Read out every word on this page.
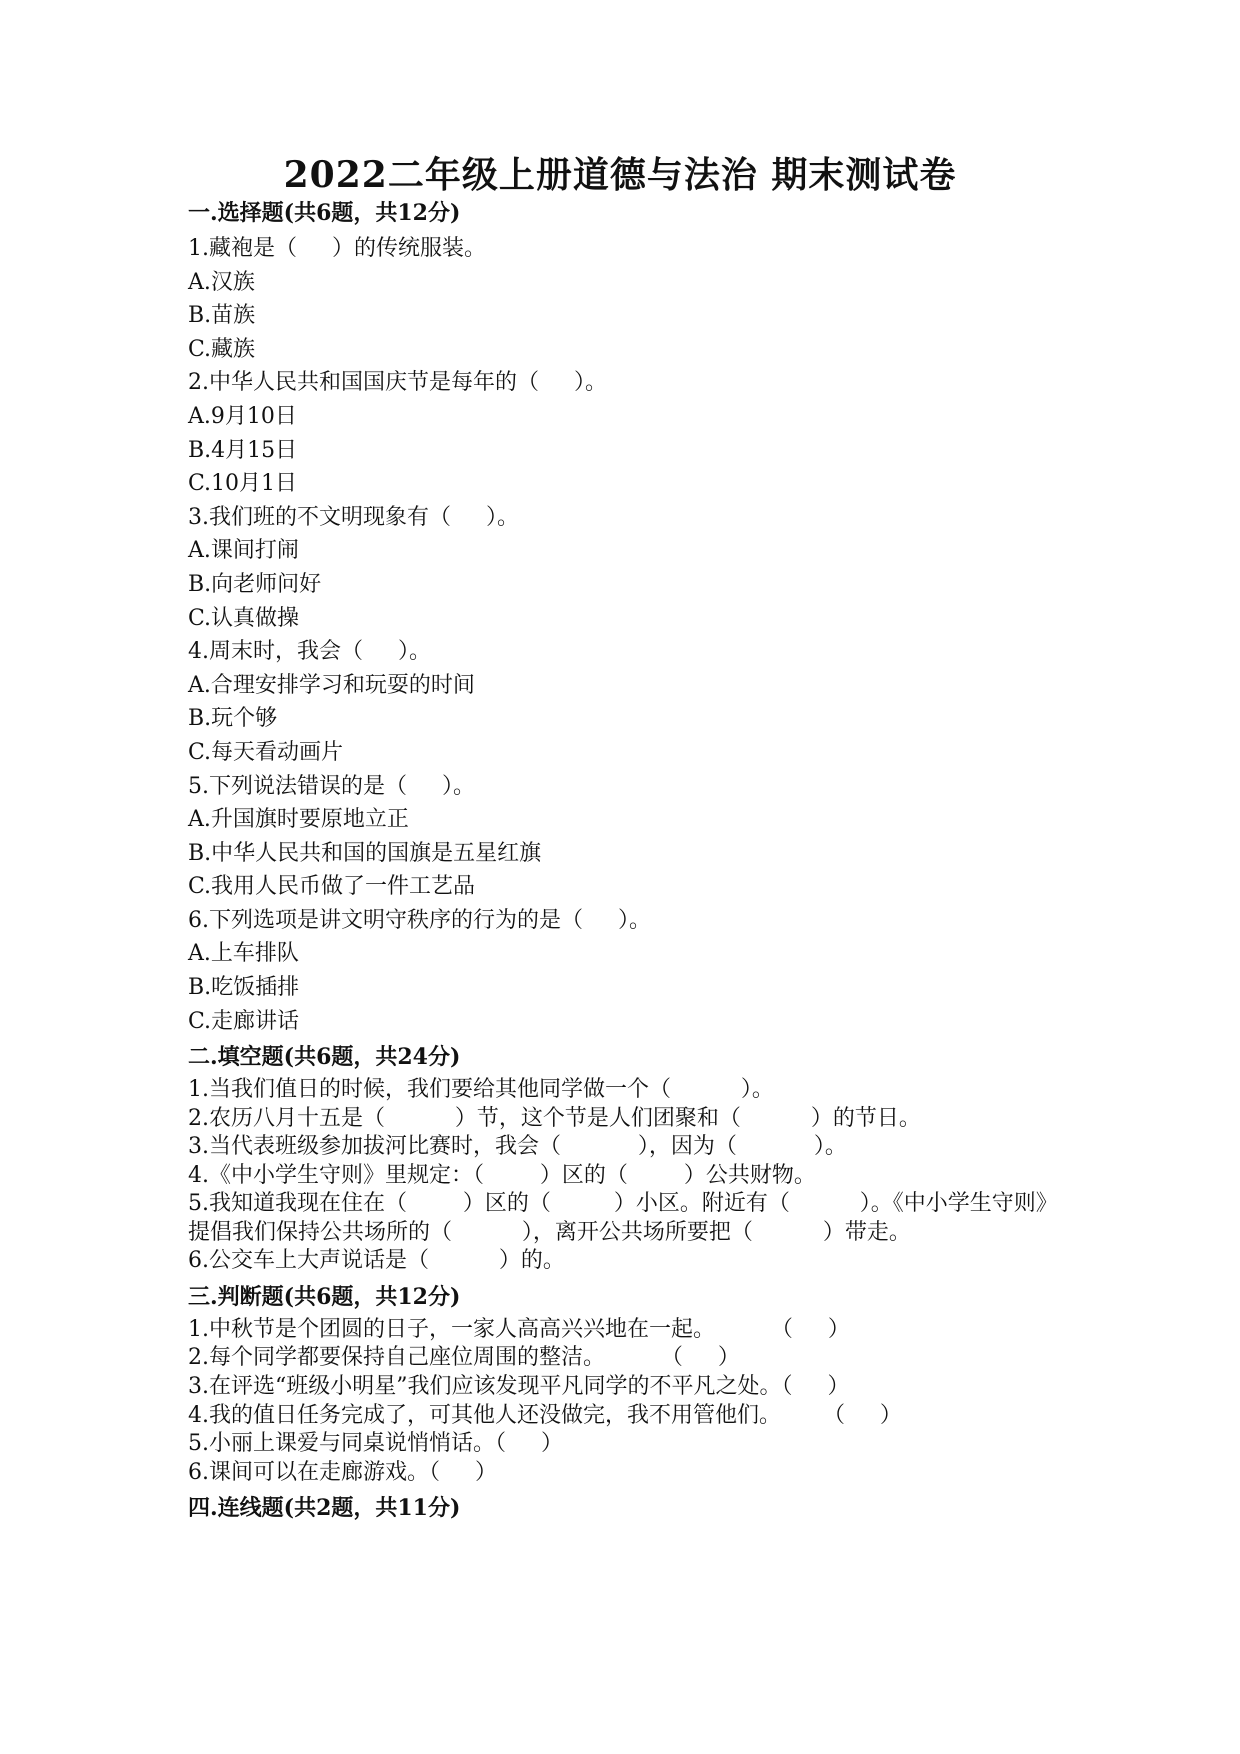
2022二年级上册道德与法治 期末测试卷
一.选择题(共6题，共12分)
1.藏袍是（     ）的传统服装。
A.汉族
B.苗族
C.藏族
2.中华人民共和国国庆节是每年的（     ）。
A.9月10日
B.4月15日
C.10月1日
3.我们班的不文明现象有（     ）。
A.课间打闹
B.向老师问好
C.认真做操
4.周末时，我会（     ）。
A.合理安排学习和玩耍的时间
B.玩个够
C.每天看动画片
5.下列说法错误的是（     ）。
A.升国旗时要原地立正
B.中华人民共和国的国旗是五星红旗
C.我用人民币做了一件工艺品
6.下列选项是讲文明守秩序的行为的是（     ）。
A.上车排队
B.吃饭插排
C.走廊讲话
二.填空题(共6题，共24分)
1.当我们值日的时候，我们要给其他同学做一个（          ）。
2.农历八月十五是（          ）节，这个节是人们团聚和（          ）的节日。
3.当代表班级参加拔河比赛时，我会（           ），因为（           ）。
4.《中小学生守则》里规定：（        ）区的（        ）公共财物。
5.我知道我现在住在（        ）区的（         ）小区。附近有（          ）。《中小学生守则》提倡我们保持公共场所的（          ），离开公共场所要把（          ）带走。
6.公交车上大声说话是（          ）的。
三.判断题(共6题，共12分)
1.中秋节是个团圆的日子，一家人高高兴兴地在一起。        （     ）
2.每个同学都要保持自己座位周围的整洁。        （     ）
3.在评选“班级小明星”我们应该发现平凡同学的不平凡之处。（     ）
4.我的值日任务完成了，可其他人还没做完，我不用管他们。      （     ）
5.小丽上课爱与同桌说悄悄话。（     ）
6.课间可以在走廊游戏。（     ）
四.连线题(共2题，共11分)
